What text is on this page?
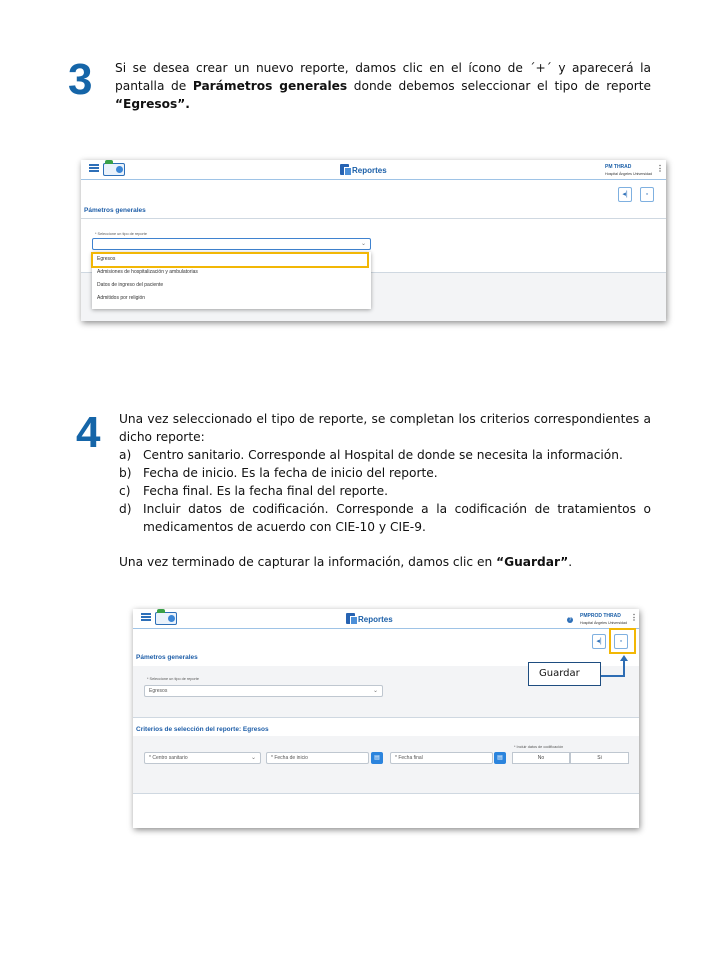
3 Si se desea crear un nuevo reporte, damos clic en el ícono de ´+´ y aparecerá la pantalla de Parámetros generales donde debemos seleccionar el tipo de reporte “Egresos”.
Reportes	PM THRAD
Hospital Ángeles Universidad
⋮
◂|	▫
Pámetros generales
* Seleccione un tipo de reporte
⌄
Egresos
Admisiones de hospitalización y ambulatorias
Datos de ingreso del paciente
Admitidos por religión
4 Una vez seleccionado el tipo de reporte, se completan los criterios correspondientes a dicho reporte:
a) Centro sanitario. Corresponde al Hospital de donde se necesita la información.
b) Fecha de inicio. Es la fecha de inicio del reporte.
c) Fecha final. Es la fecha final del reporte.
d) Incluir datos de codificación. Corresponde a la codificación de tratamientos o medicamentos de acuerdo con CIE-10 y CIE-9.
Una vez terminado de capturar la información, damos clic en “Guardar”.
Reportes	?
PMPROD THRAD
Hospital Ángeles Universidad
⋮
◂|	▫
Pámetros generales
* Seleccione un tipo de reporte
Egresos	⌄
Criterios de selección del reporte: Egresos
* Centro sanitario	⌄	* Fecha de inicio	▤	* Fecha final	▤
* Incluir datos de codificación
No	Si
Guardar
